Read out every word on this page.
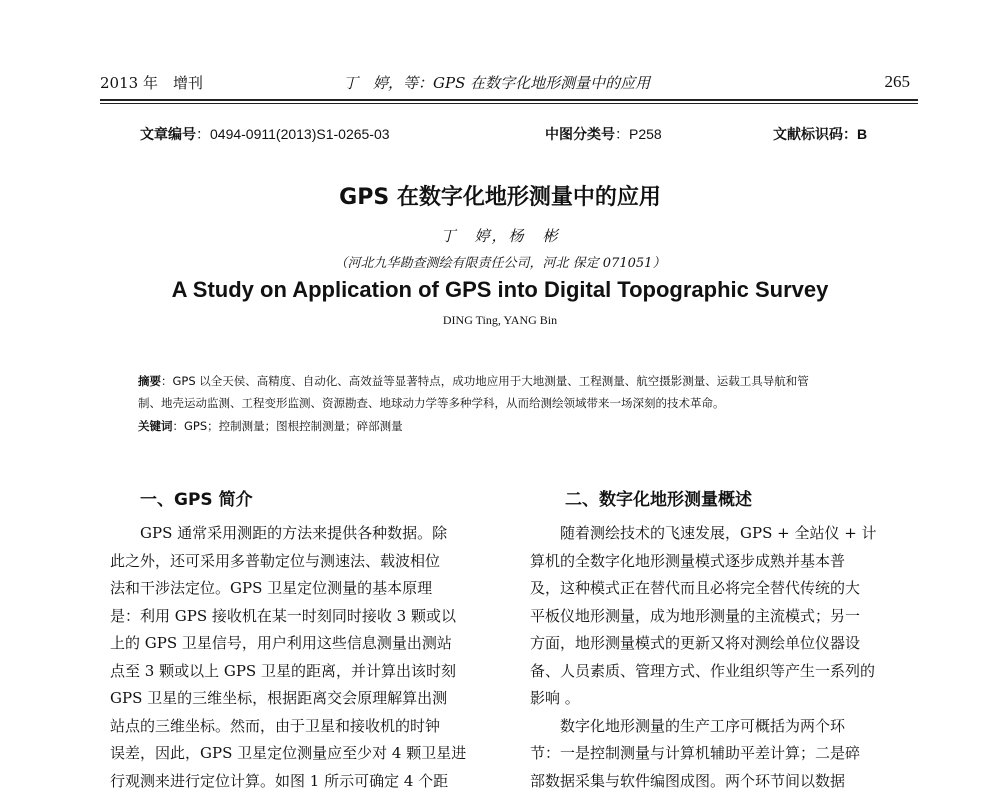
2013 年　增刊	丁　婷，等：GPS 在数字化地形测量中的应用	265
文章编号：0494-0911(2013)S1-0265-03	中图分类号：P258	文献标识码：B
GPS 在数字化地形测量中的应用
丁　婷，杨　彬
（河北九华勘查测绘有限责任公司，河北 保定 071051）
A Study on Application of GPS into Digital Topographic Survey
DING Ting, YANG Bin
摘要：GPS 以全天侯、高精度、自动化、高效益等显著特点，成功地应用于大地测量、工程测量、航空摄影测量、运载工具导航和管
制、地壳运动监测、工程变形监测、资源勘查、地球动力学等多种学科，从而给测绘领域带来一场深刻的技术革命。
关键词：GPS；控制测量；图根控制测量；碎部测量
一、GPS 简介	二、数字化地形测量概述
GPS 通常采用测距的方法来提供各种数据。除
此之外，还可采用多普勒定位与测速法、载波相位
法和干涉法定位。GPS 卫星定位测量的基本原理
是：利用 GPS 接收机在某一时刻同时接收 3 颗或以
上的 GPS 卫星信号，用户利用这些信息测量出测站
点至 3 颗或以上 GPS 卫星的距离，并计算出该时刻
GPS 卫星的三维坐标，根据距离交会原理解算出测
站点的三维坐标。然而，由于卫星和接收机的时钟
误差，因此，GPS 卫星定位测量应至少对 4 颗卫星进
行观测来进行定位计算。如图 1 所示可确定 4 个距
随着测绘技术的飞速发展，GPS + 全站仪 + 计
算机的全数字化地形测量模式逐步成熟并基本普
及，这种模式正在替代而且必将完全替代传统的大
平板仪地形测量，成为地形测量的主流模式；另一
方面，地形测量模式的更新又将对测绘单位仪器设
备、人员素质、管理方式、作业组织等产生一系列的
影响 。
数字化地形测量的生产工序可概括为两个环
节：一是控制测量与计算机辅助平差计算；二是碎
部数据采集与软件编图成图。两个环节间以数据
